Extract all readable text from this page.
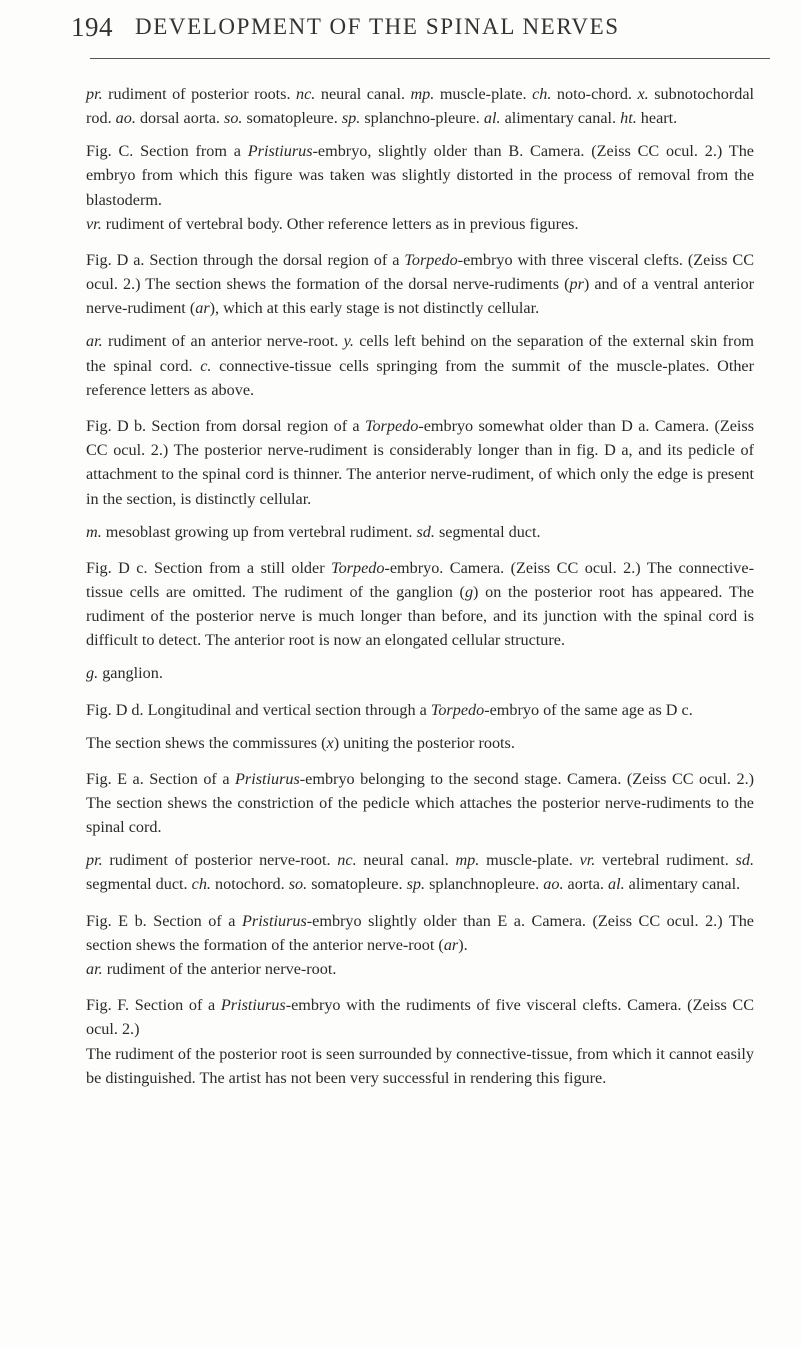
194 DEVELOPMENT OF THE SPINAL NERVES

pr. rudiment of posterior roots. nc. neural canal. mp. muscle-plate. ch. noto-chord. x. subnotochordal rod. ao. dorsal aorta. so. somatopleure. sp. splanchno-pleure. al. alimentary canal. ht. heart.

Fig. C. Section from a Pristiurus-embryo, slightly older than B. Camera. (Zeiss CC ocul. 2.) The embryo from which this figure was taken was slightly distorted in the process of removal from the blastoderm.

vr. rudiment of vertebral body. Other reference letters as in previous figures.

Fig. D a. Section through the dorsal region of a Torpedo-embryo with three visceral clefts. (Zeiss CC ocul. 2.) The section shews the formation of the dorsal nerve-rudiments (pr) and of a ventral anterior nerve-rudiment (ar), which at this early stage is not distinctly cellular.

ar. rudiment of an anterior nerve-root. y. cells left behind on the separation of the external skin from the spinal cord. c. connective-tissue cells springing from the summit of the muscle-plates. Other reference letters as above.

Fig. D b. Section from dorsal region of a Torpedo-embryo somewhat older than D a. Camera. (Zeiss CC ocul. 2.) The posterior nerve-rudiment is considerably longer than in fig. D a, and its pedicle of attachment to the spinal cord is thinner. The anterior nerve-rudiment, of which only the edge is present in the section, is distinctly cellular.

m. mesoblast growing up from vertebral rudiment. sd. segmental duct.

Fig. D c. Section from a still older Torpedo-embryo. Camera. (Zeiss CC ocul. 2.) The connective-tissue cells are omitted. The rudiment of the ganglion (g) on the posterior root has appeared. The rudiment of the posterior nerve is much longer than before, and its junction with the spinal cord is difficult to detect. The anterior root is now an elongated cellular structure.

g. ganglion.

Fig. D d. Longitudinal and vertical section through a Torpedo-embryo of the same age as D c.

The section shews the commissures (x) uniting the posterior roots.

Fig. E a. Section of a Pristiurus-embryo belonging to the second stage. Camera. (Zeiss CC ocul. 2.) The section shews the constriction of the pedicle which attaches the posterior nerve-rudiments to the spinal cord.

pr. rudiment of posterior nerve-root. nc. neural canal. mp. muscle-plate. vr. vertebral rudiment. sd. segmental duct. ch. notochord. so. somatopleure. sp. splanchnopleure. ao. aorta. al. alimentary canal.

Fig. E b. Section of a Pristiurus-embryo slightly older than E a. Camera. (Zeiss CC ocul. 2.) The section shews the formation of the anterior nerve-root (ar).

ar. rudiment of the anterior nerve-root.

Fig. F. Section of a Pristiurus-embryo with the rudiments of five visceral clefts. Camera. (Zeiss CC ocul. 2.)

The rudiment of the posterior root is seen surrounded by connective-tissue, from which it cannot easily be distinguished. The artist has not been very successful in rendering this figure.
